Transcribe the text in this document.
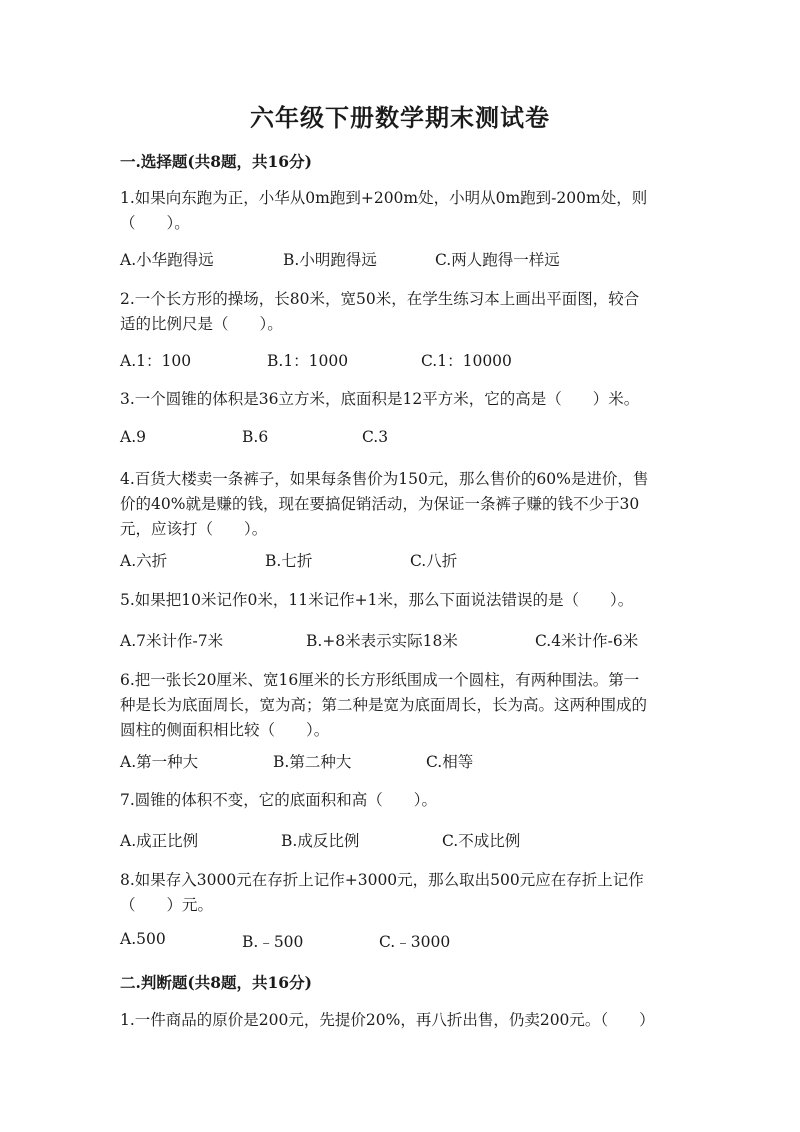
六年级下册数学期末测试卷
一.选择题(共8题，共16分)
1.如果向东跑为正，小华从0m跑到+200m处，小明从0m跑到-200m处，则
（　　）。
A.小华跑得远	B.小明跑得远	C.两人跑得一样远
2.一个长方形的操场，长80米，宽50米，在学生练习本上画出平面图，较合
适的比例尺是（　　）。
A.1：100	B.1：1000	C.1：10000
3.一个圆锥的体积是36立方米，底面积是12平方米，它的高是（　　）米。
A.9	B.6	C.3
4.百货大楼卖一条裤子，如果每条售价为150元，那么售价的60%是进价，售
价的40%就是赚的钱，现在要搞促销活动，为保证一条裤子赚的钱不少于30
元，应该打（　　）。
A.六折	B.七折	C.八折
5.如果把10米记作0米，11米记作+1米，那么下面说法错误的是（　　）。
A.7米计作-7米	B.+8米表示实际18米	C.4米计作-6米
6.把一张长20厘米、宽16厘米的长方形纸围成一个圆柱，有两种围法。第一
种是长为底面周长，宽为高；第二种是宽为底面周长，长为高。这两种围成的
圆柱的侧面积相比较（　　）。
A.第一种大	B.第二种大	C.相等
7.圆锥的体积不变，它的底面积和高（　　）。
A.成正比例	B.成反比例	C.不成比例
8.如果存入3000元在存折上记作+3000元，那么取出500元应在存折上记作
（　　）元。
A.500	B.﹣500	C.﹣3000
二.判断题(共8题，共16分)
1.一件商品的原价是200元，先提价20%，再八折出售，仍卖200元。（　　）
